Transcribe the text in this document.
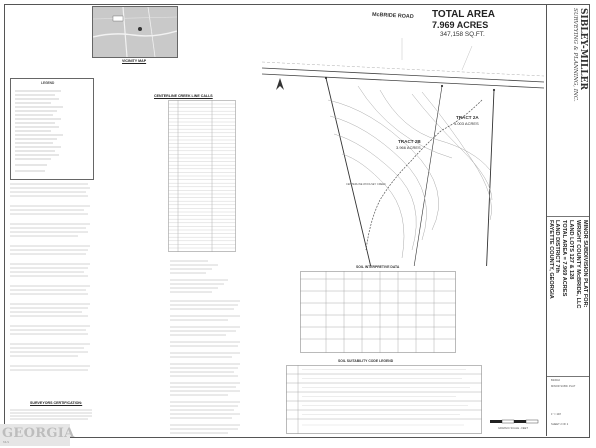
VICINITY MAP
LEGEND
SURVEYORS CERTIFICATION:
CENTERLINE CREEK LINE CALLS
TOTAL AREA
7.969 ACRES
347,158 SQ.FT.
McBRIDE ROAD
TRACT 2B
3.966 ACRES
TRACT 2A
4.003 ACRES
CENTERLINE WOOLSEY CREEK
SOIL INTERPRETIVE DATA
SOIL SUITABILITY CODE LEGEND
GRAPHIC SCALE - FEET
SIBLEY-MILLER
SURVEYING & PLANNING, INC.
MINOR SUBDIVISION PLAT FOR:
WRIGHT COUNTY McBRIDE, LLC
LAND LOTS 127 & 128
TOTAL AREA = 7.969 ACRES
LAND DISTRICT 7th
FAYETTE COUNTY, GEORGIA
B23042
MINOR SUBD. PLAT
1" = 100'
SHEET 2 OF 2
GEORGIA
MLS
